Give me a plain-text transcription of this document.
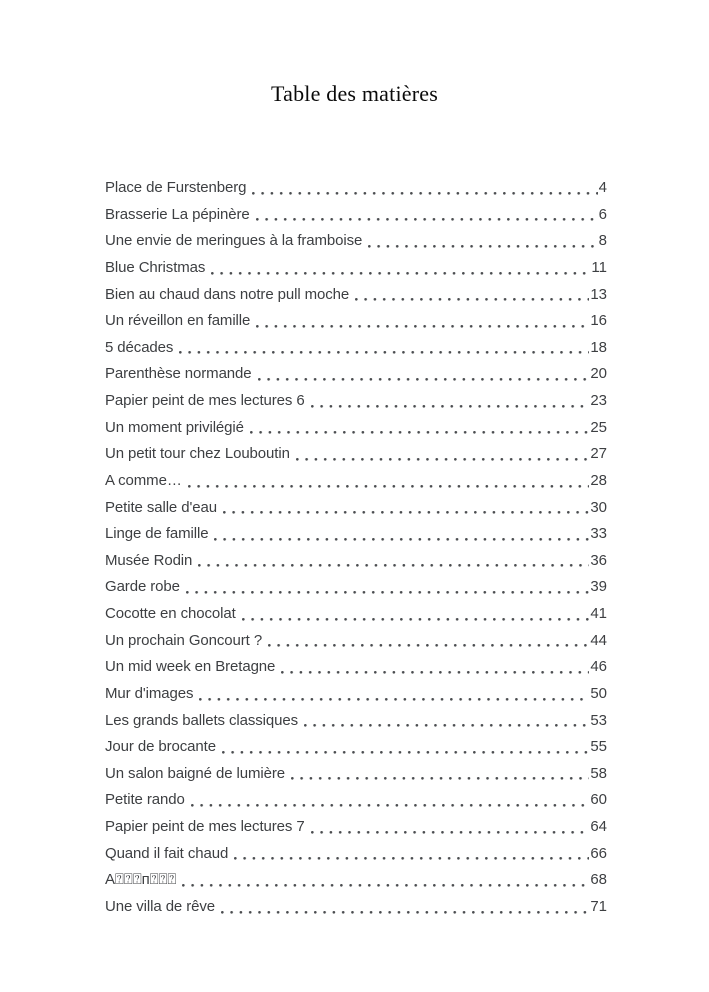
Table des matières
Place de Furstenberg	4
Brasserie La pépinère	6
Une envie de meringues à la framboise	8
Blue Christmas	11
Bien au chaud dans notre pull moche	13
Un réveillon en famille	16
5 décades	18
Parenthèse normande	20
Papier peint de mes lectures 6	23
Un moment privilégié	25
Un petit tour chez Louboutin	27
A comme…	28
Petite salle d'eau	30
Linge de famille	33
Musée Rodin	36
Garde robe	39
Cocotte en chocolat	41
Un prochain Goncourt ?	44
Un mid week en Bretagne	46
Mur d'images	50
Les grands ballets classiques	53
Jour de brocante	55
Un salon baigné de lumière	58
Petite rando	60
Papier peint de mes lectures 7	64
Quand il fait chaud	66
A⍰⍰⍰п⍰⍰⍰	68
Une villa de rêve	71
